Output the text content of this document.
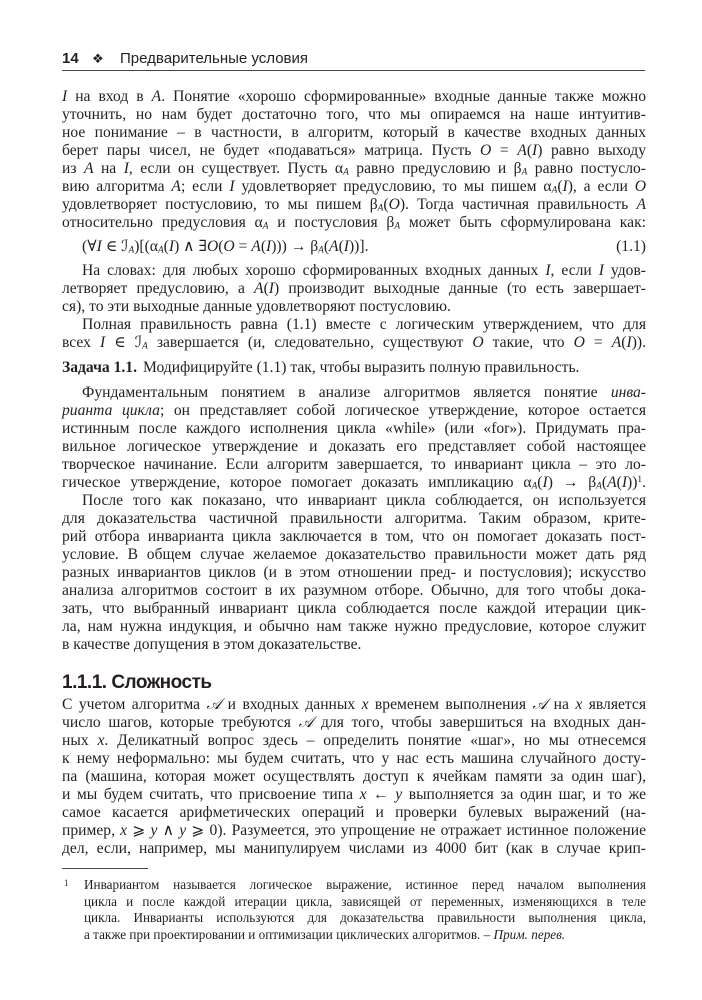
14	❖	Предварительные условия
I на вход в A. Понятие «хорошо сформированные» входные данные также можно
уточнить, но нам будет достаточно того, что мы опираемся на наше интуитив-
ное понимание – в частности, в алгоритм, который в качестве входных данных
берет пары чисел, не будет «подаваться» матрица. Пусть O = A(I) равно выходу
из A на I, если он существует. Пусть αA равно предусловию и βA равно постусло-
вию алгоритма A; если I удовлетворяет предусловию, то мы пишем αA(I), а если O
удовлетворяет постусловию, то мы пишем βA(O). Тогда частичная правильность A
относительно предусловия αA и постусловия βA может быть сформулирована как:
(∀I ∈ ℐA)[(αA(I) ∧ ∃O(O = A(I))) → βA(A(I))].	(1.1)
На словах: для любых хорошо сформированных входных данных I, если I удов-
летворяет предусловию, а A(I) производит выходные данные (то есть завершает-
ся), то эти выходные данные удовлетворяют постусловию.
Полная правильность равна (1.1) вместе с логическим утверждением, что для
всех I ∈ ℐA завершается (и, следовательно, существуют O такие, что O = A(I)).
Задача 1.1. Модифицируйте (1.1) так, чтобы выразить полную правильность.
Фундаментальным понятием в анализе алгоритмов является понятие инва-
рианта цикла; он представляет собой логическое утверждение, которое остается
истинным после каждого исполнения цикла «while» (или «for»). Придумать пра-
вильное логическое утверждение и доказать его представляет собой настоящее
творческое начинание. Если алгоритм завершается, то инвариант цикла – это ло-
гическое утверждение, которое помогает доказать импликацию $\alpha A(I) \to \beta A(A(I))^1$.
После того как показано, что инвариант цикла соблюдается, он используется
для доказательства частичной правильности алгоритма. Таким образом, крите-
рий отбора инварианта цикла заключается в том, что он помогает доказать пост-
условие. В общем случае желаемое доказательство правильности может дать ряд
разных инвариантов циклов (и в этом отношении пред- и постусловия); искусство
анализа алгоритмов состоит в их разумном отборе. Обычно, для того чтобы дока-
зать, что выбранный инвариант цикла соблюдается после каждой итерации цик-
ла, нам нужна индукция, и обычно нам также нужно предусловие, которое служит
в качестве допущения в этом доказательстве.
1.1.1. Сложность
С учетом алгоритма 𝒜 и входных данных x временем выполнения 𝒜 на x является
число шагов, которые требуются 𝒜 для того, чтобы завершиться на входных дан-
ных x. Деликатный вопрос здесь – определить понятие «шаг», но мы отнесемся
к нему неформально: мы будем считать, что у нас есть машина случайного досту-
па (машина, которая может осуществлять доступ к ячейкам памяти за один шаг),
и мы будем считать, что присвоение типа x ← y выполняется за один шаг, и то же
самое касается арифметических операций и проверки булевых выражений (на-
пример, x ⩾ y ∧ y ⩾ 0). Разумеется, это упрощение не отражает истинное положение
дел, если, например, мы манипулируем числами из 4000 бит (как в случае крип-
1	Инвариантом называется логическое выражение, истинное перед началом выполнения
цикла и после каждой итерации цикла, зависящей от переменных, изменяющихся в теле
цикла. Инварианты используются для доказательства правильности выполнения цикла,
а также при проектировании и оптимизации циклических алгоритмов. – Прим. перев.
